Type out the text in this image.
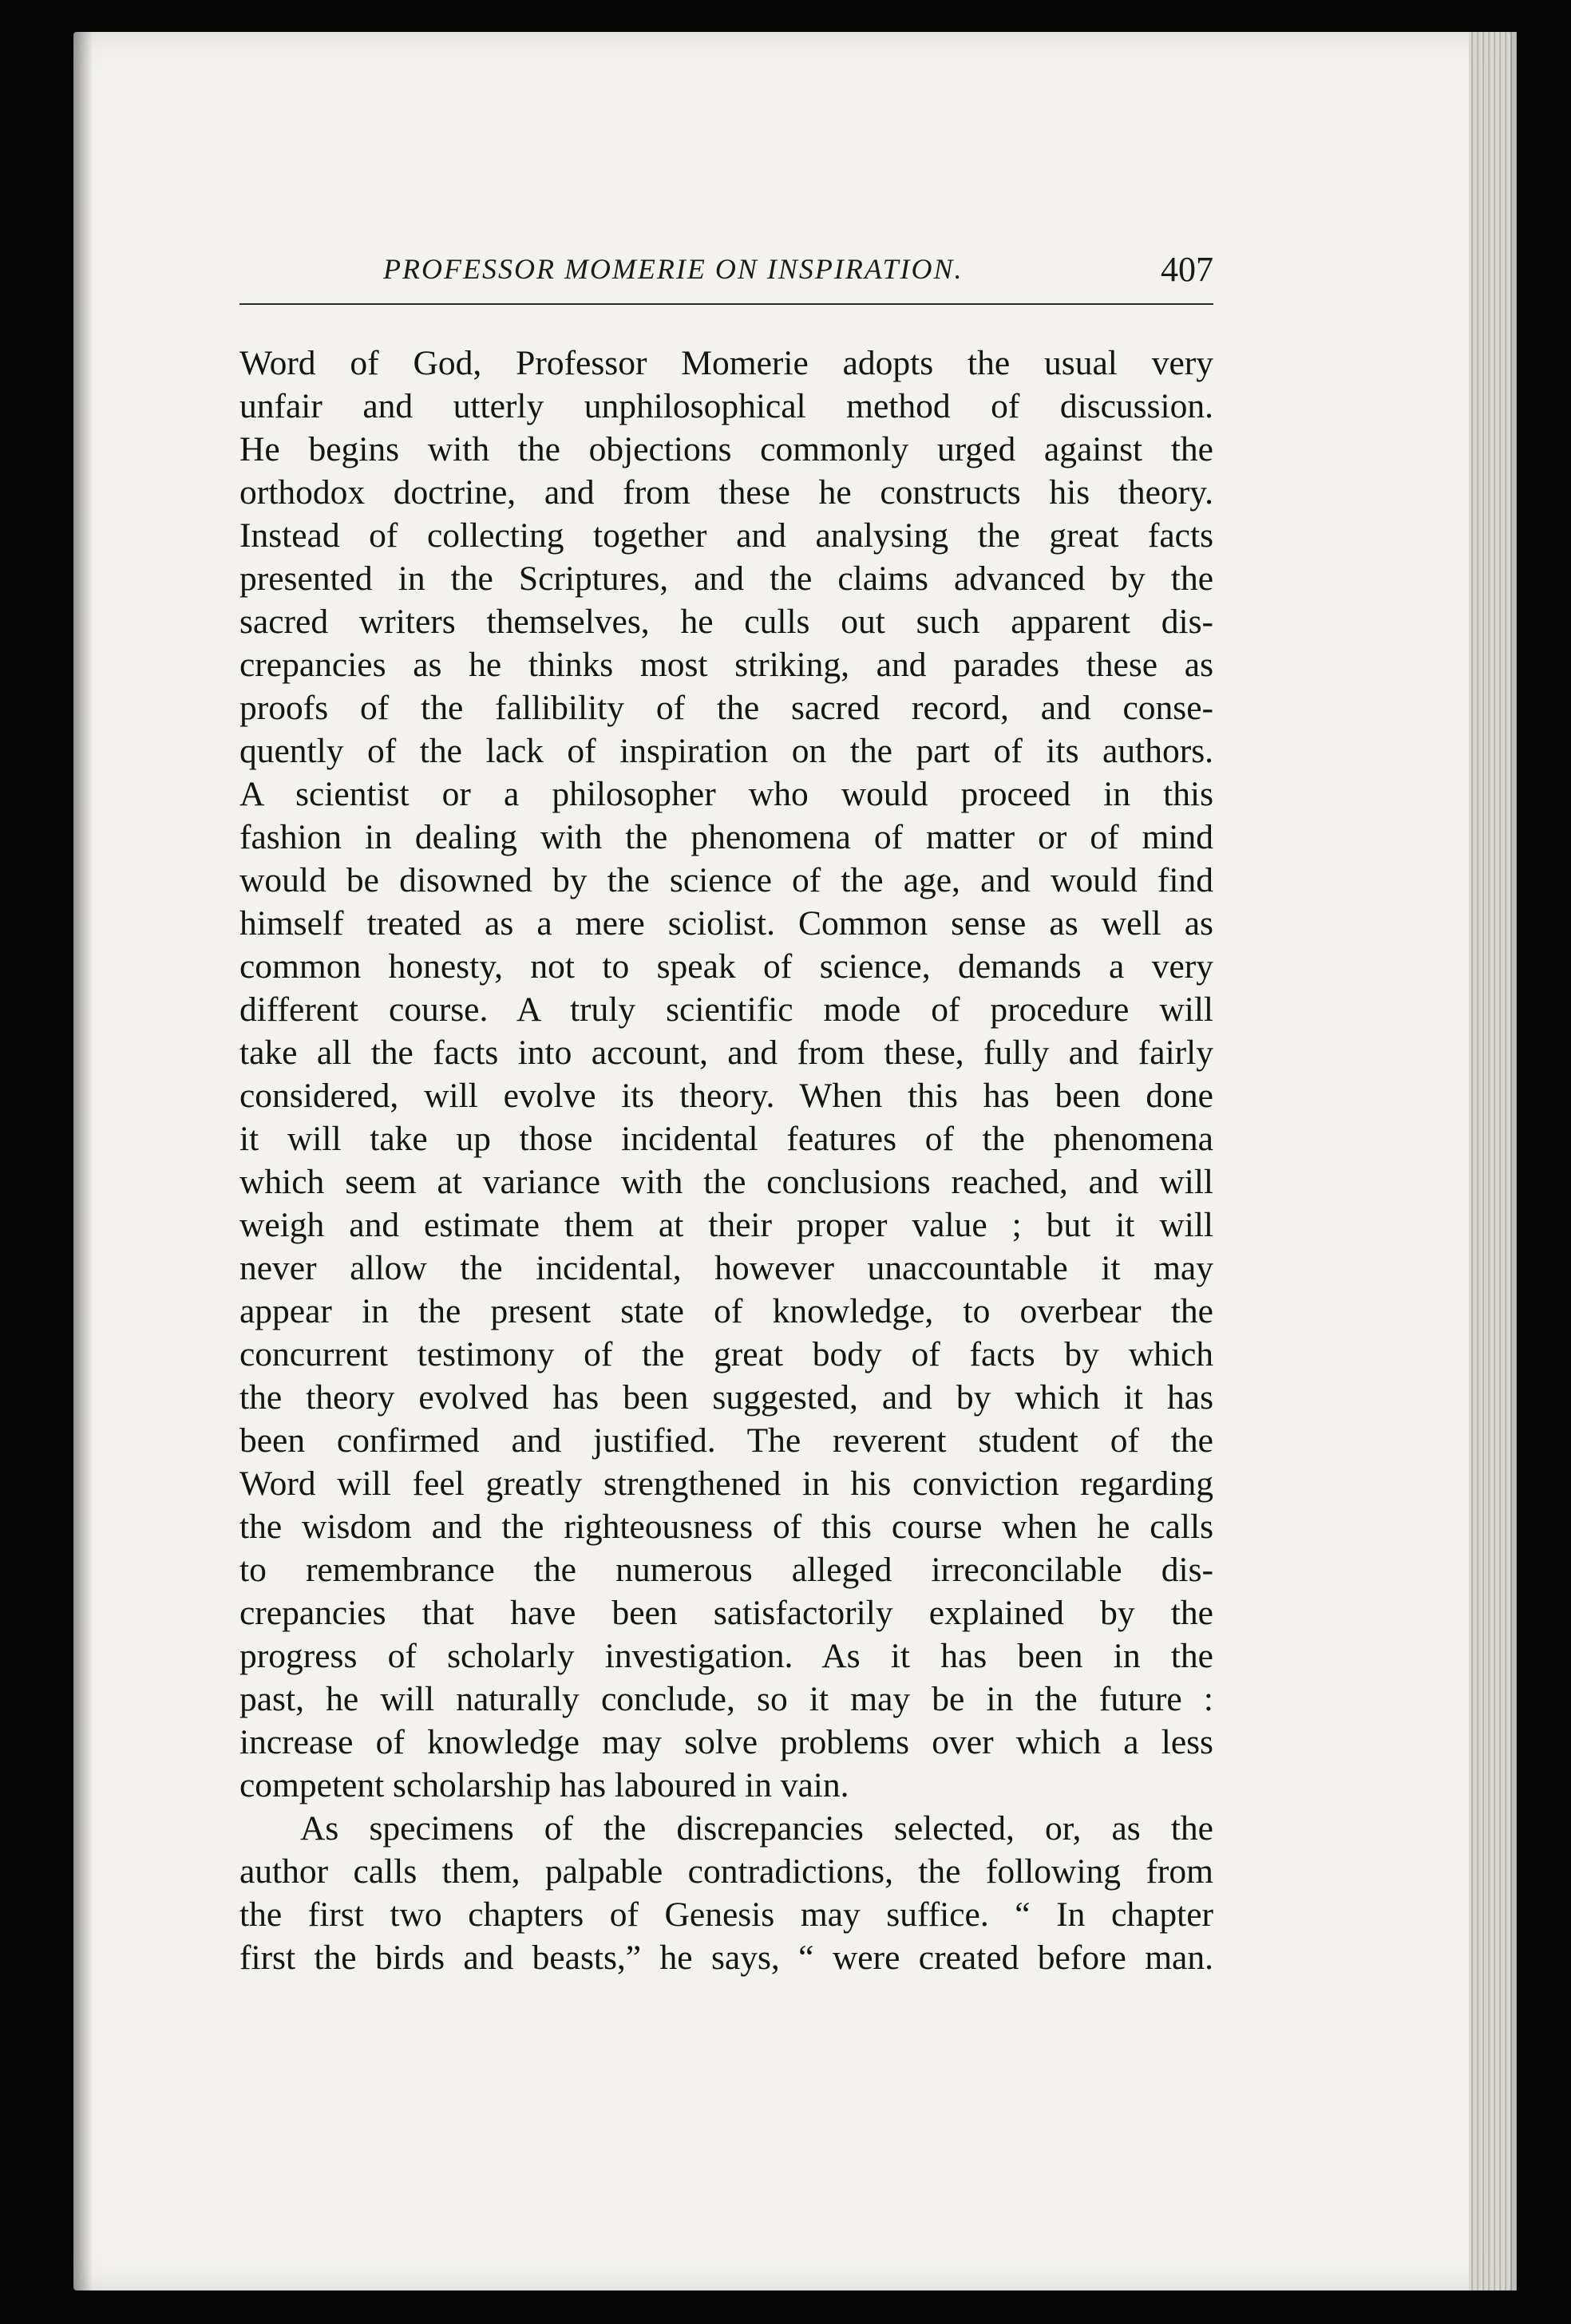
PROFESSOR MOMERIE ON INSPIRATION.	407
Word of God, Professor Momerie adopts the usual very
unfair and utterly unphilosophical method of discussion.
He begins with the objections commonly urged against the
orthodox doctrine, and from these he constructs his theory.
Instead of collecting together and analysing the great facts
presented in the Scriptures, and the claims advanced by the
sacred writers themselves, he culls out such apparent dis-
crepancies as he thinks most striking, and parades these as
proofs of the fallibility of the sacred record, and conse-
quently of the lack of inspiration on the part of its authors.
A scientist or a philosopher who would proceed in this
fashion in dealing with the phenomena of matter or of mind
would be disowned by the science of the age, and would find
himself treated as a mere sciolist. Common sense as well as
common honesty, not to speak of science, demands a very
different course. A truly scientific mode of procedure will
take all the facts into account, and from these, fully and fairly
considered, will evolve its theory. When this has been done
it will take up those incidental features of the phenomena
which seem at variance with the conclusions reached, and will
weigh and estimate them at their proper value ; but it will
never allow the incidental, however unaccountable it may
appear in the present state of knowledge, to overbear the
concurrent testimony of the great body of facts by which
the theory evolved has been suggested, and by which it has
been confirmed and justified. The reverent student of the
Word will feel greatly strengthened in his conviction regarding
the wisdom and the righteousness of this course when he calls
to remembrance the numerous alleged irreconcilable dis-
crepancies that have been satisfactorily explained by the
progress of scholarly investigation. As it has been in the
past, he will naturally conclude, so it may be in the future :
increase of knowledge may solve problems over which a less
competent scholarship has laboured in vain.
As specimens of the discrepancies selected, or, as the
author calls them, palpable contradictions, the following from
the first two chapters of Genesis may suffice. “ In chapter
first the birds and beasts,” he says, “ were created before man.
